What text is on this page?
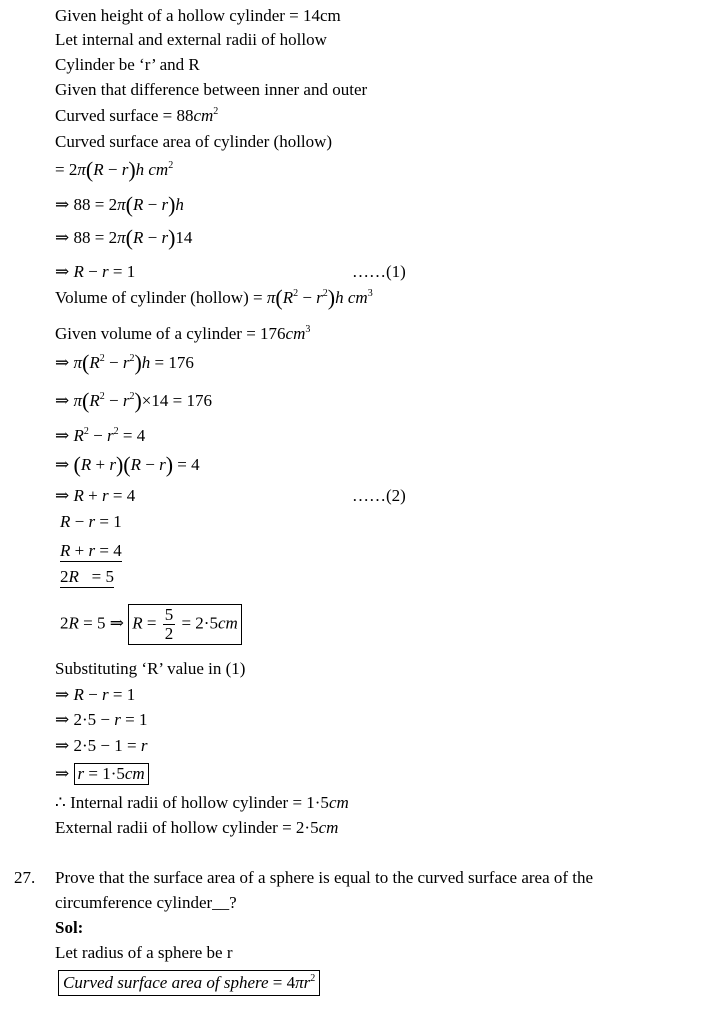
Given height of a hollow cylinder = 14cm
Let internal and external radii of hollow
Cylinder be ‘r’ and R
Given that difference between inner and outer
Curved surface = $88cm^2$
Curved surface area of cylinder (hollow)
= 2π(R − r)h $cm^2$
⇒ 88 = 2π(R − r)h
⇒ 88 = 2π(R − r)14
⇒ R − r = 1	……(1)
Volume of cylinder (hollow) = $\pi(R^2 - r^2)h$ $cm^3$
Given volume of a cylinder = $176cm^3$
⇒ $\pi(R^2 - r^2)h = 176$
⇒ $\pi(R^2 - r^2)\times 14 = 176$
⇒ $R^2 - r^2 = 4$
⇒ (R + r)(R − r) = 4
⇒ R + r = 4	……(2)
R − r = 1
R + r = 4
2R   = 5
2R = 5 ⇒ $R = \frac{5}{2} = 2\cdot 5cm$
Substituting ‘R’ value in (1)
⇒ R − r = 1
⇒ 2·5 − r = 1
⇒ 2·5 − 1 = r
⇒ r = 1·5cm
∴ Internal radii of hollow cylinder = 1·5cm
External radii of hollow cylinder = 2·5cm
27. Prove that the surface area of a sphere is equal to the curved surface area of the
circumference cylinder__?
Sol:
Let radius of a sphere be r
Curved surface area of sphere = $4\pi r^2$
